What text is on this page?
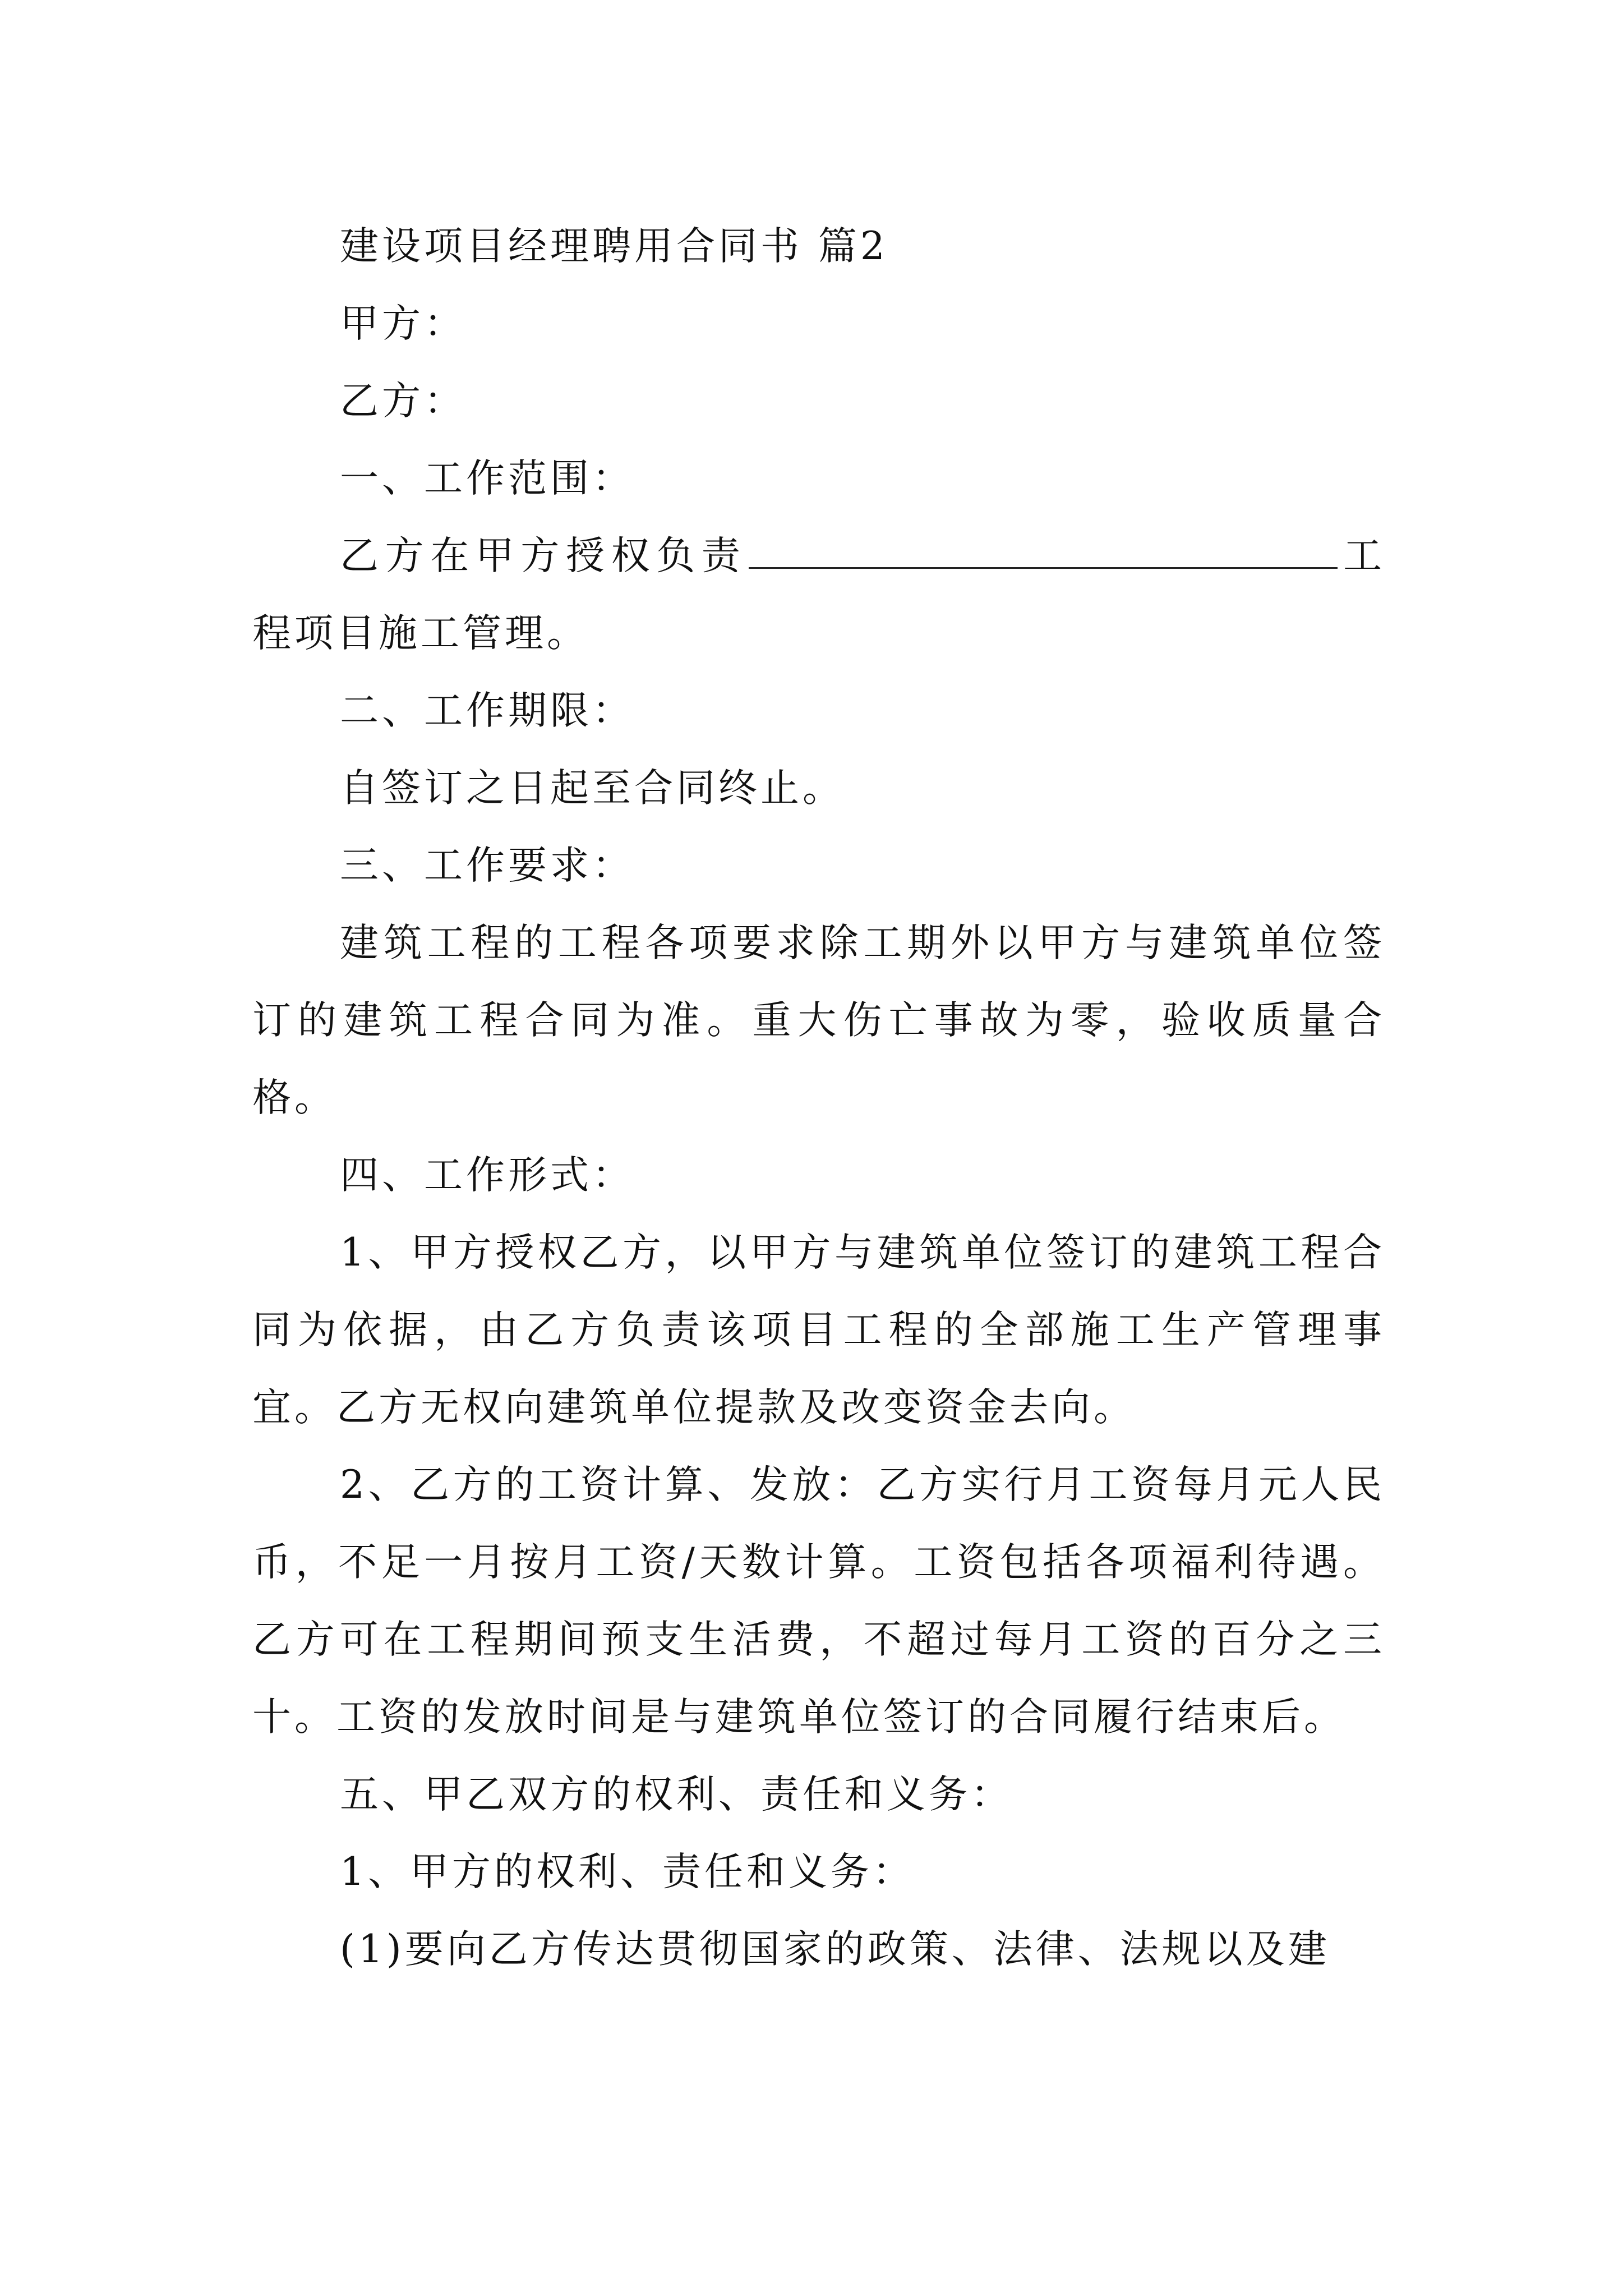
建设项目经理聘用合同书 篇2

甲方：

乙方：

一、工作范围：

乙方在甲方授权负责	工程项目施工管理。

二、工作期限：

自签订之日起至合同终止。

三、工作要求：

建筑工程的工程各项要求除工期外以甲方与建筑单位签订的建筑工程合同为准。重大伤亡事故为零，验收质量合格。

四、工作形式：

1、甲方授权乙方，以甲方与建筑单位签订的建筑工程合同为依据，由乙方负责该项目工程的全部施工生产管理事宜。乙方无权向建筑单位提款及改变资金去向。

2、乙方的工资计算、发放：乙方实行月工资每月元人民币，不足一月按月工资/天数计算。工资包括各项福利待遇。乙方可在工程期间预支生活费，不超过每月工资的百分之三十。工资的发放时间是与建筑单位签订的合同履行结束后。

五、甲乙双方的权利、责任和义务：

1、甲方的权利、责任和义务：

(1)要向乙方传达贯彻国家的政策、法律、法规以及建
